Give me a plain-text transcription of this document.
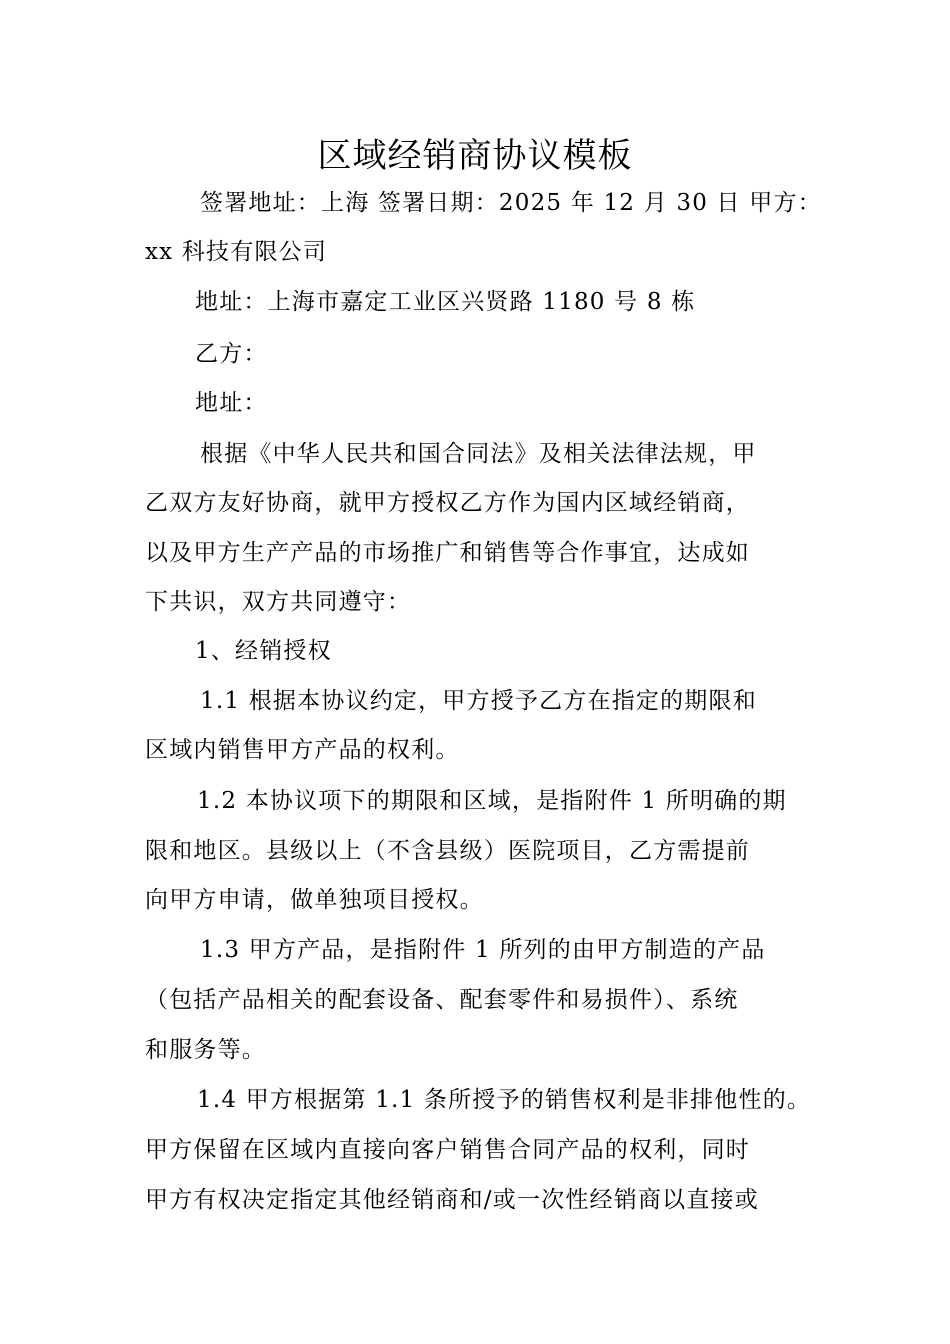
区域经销商协议模板
签署地址：上海 签署日期：2025 年 12 月 30 日 甲方：
xx 科技有限公司
地址：上海市嘉定工业区兴贤路 1180 号 8 栋
乙方：
地址：
根据《中华人民共和国合同法》及相关法律法规，甲
乙双方友好协商，就甲方授权乙方作为国内区域经销商，
以及甲方生产产品的市场推广和销售等合作事宜，达成如
下共识，双方共同遵守：
1、经销授权
1.1 根据本协议约定，甲方授予乙方在指定的期限和
区域内销售甲方产品的权利。
1.2 本协议项下的期限和区域，是指附件 1 所明确的期
限和地区。县级以上（不含县级）医院项目，乙方需提前
向甲方申请，做单独项目授权。
1.3 甲方产品，是指附件 1 所列的由甲方制造的产品
（包括产品相关的配套设备、配套零件和易损件）、系统
和服务等。
1.4 甲方根据第 1.1 条所授予的销售权利是非排他性的。
甲方保留在区域内直接向客户销售合同产品的权利，同时
甲方有权决定指定其他经销商和/或一次性经销商以直接或
